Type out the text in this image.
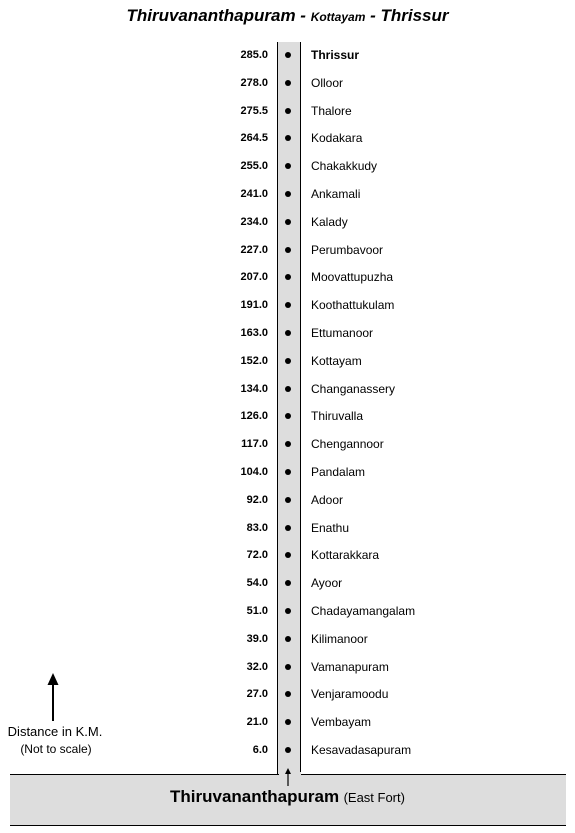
Thiruvananthapuram - Kottayam - Thrissur
Thiruvananthapuram (East Fort)
285.0	Thrissur
278.0	Olloor
275.5	Thalore
264.5	Kodakara
255.0	Chakakkudy
241.0	Ankamali
234.0	Kalady
227.0	Perumbavoor
207.0	Moovattupuzha
191.0	Koothattukulam
163.0	Ettumanoor
152.0	Kottayam
134.0	Changanassery
126.0	Thiruvalla
117.0	Chengannoor
104.0	Pandalam
92.0	Adoor
83.0	Enathu
72.0	Kottarakkara
54.0	Ayoor
51.0	Chadayamangalam
39.0	Kilimanoor
32.0	Vamanapuram
27.0	Venjaramoodu
21.0	Vembayam
6.0	Kesavadasapuram
Distance in K.M.
(Not to scale)
